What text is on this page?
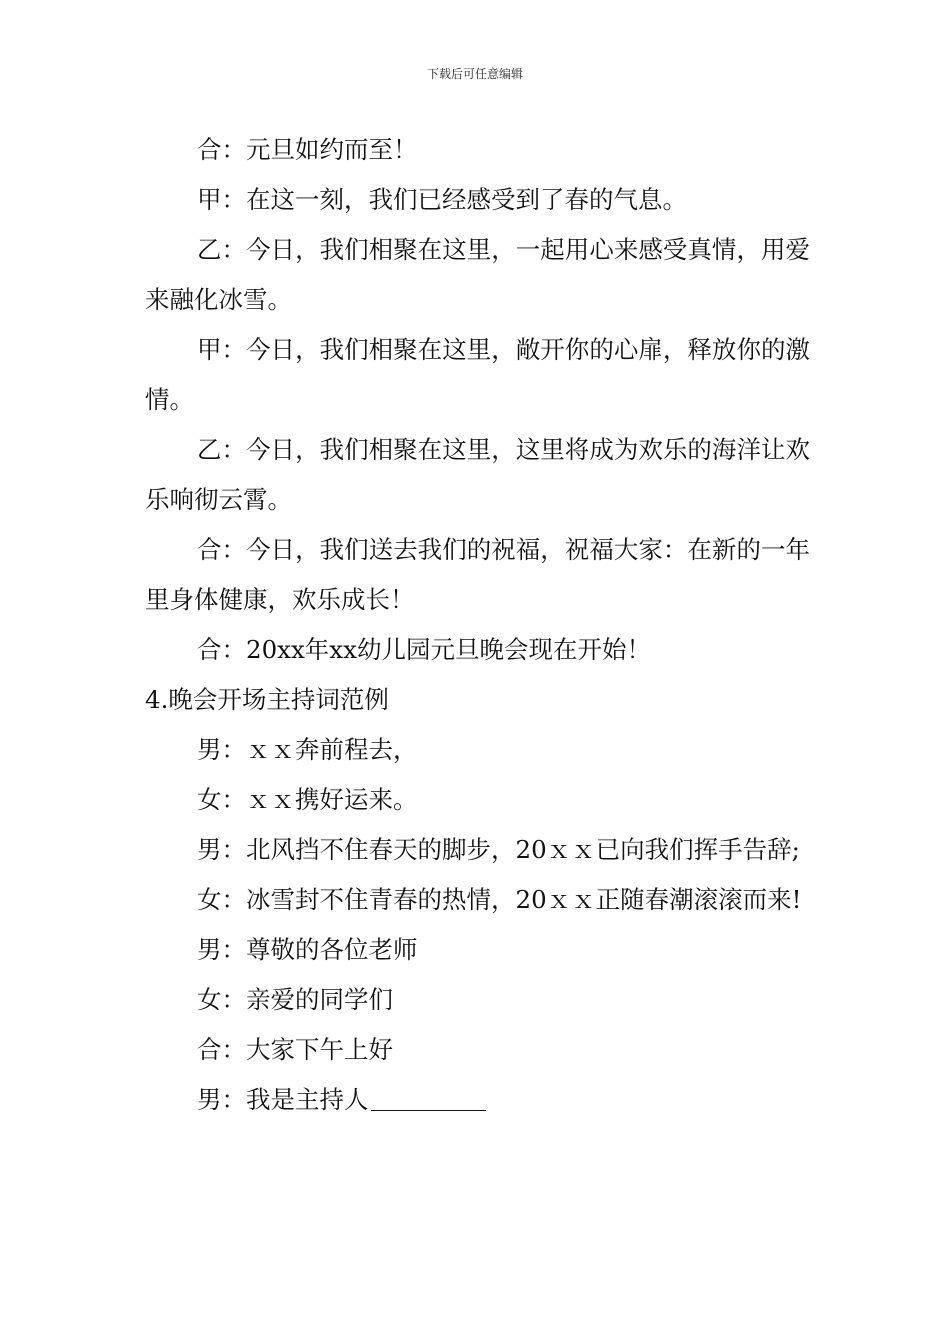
下载后可任意编辑

合：元旦如约而至！

甲：在这一刻，我们已经感受到了春的气息。

乙：今日，我们相聚在这里，一起用心来感受真情，用爱来融化冰雪。

甲：今日，我们相聚在这里，敞开你的心扉，释放你的激情。

乙：今日，我们相聚在这里，这里将成为欢乐的海洋让欢乐响彻云霄。

合：今日，我们送去我们的祝福，祝福大家：在新的一年里身体健康，欢乐成长！

合：20xx年xx幼儿园元旦晚会现在开始！

4.晚会开场主持词范例

男：ｘｘ奔前程去，

女：ｘｘ携好运来。

男：北风挡不住春天的脚步，20ｘｘ已向我们挥手告辞;

女：冰雪封不住青春的热情，20ｘｘ正随春潮滚滚而来!

男：尊敬的各位老师

女：亲爱的同学们

合：大家下午上好

男：我是主持人
